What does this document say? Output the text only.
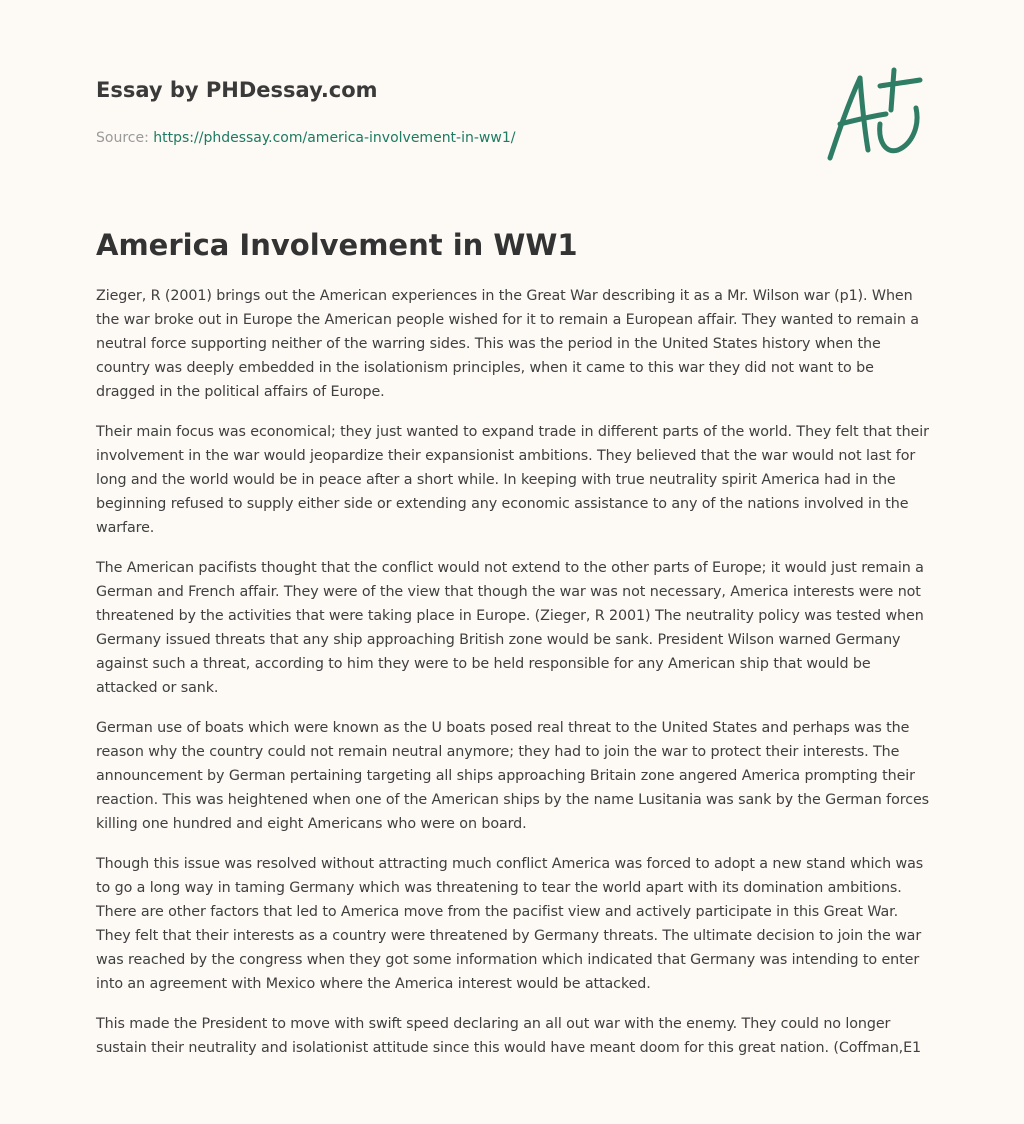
Essay by PHDessay.com
Source: https://phdessay.com/america-involvement-in-ww1/
America Involvement in WW1

Zieger, R (2001) brings out the American experiences in the Great War describing it as a Mr. Wilson war (p1). When the war broke out in Europe the American people wished for it to remain a European affair. They wanted to remain a neutral force supporting neither of the warring sides. This was the period in the United States history when the country was deeply embedded in the isolationism principles, when it came to this war they did not want to be dragged in the political affairs of Europe.

Their main focus was economical; they just wanted to expand trade in different parts of the world. They felt that their involvement in the war would jeopardize their expansionist ambitions. They believed that the war would not last for long and the world would be in peace after a short while. In keeping with true neutrality spirit America had in the beginning refused to supply either side or extending any economic assistance to any of the nations involved in the warfare.

The American pacifists thought that the conflict would not extend to the other parts of Europe; it would just remain a German and French affair. They were of the view that though the war was not necessary, America interests were not threatened by the activities that were taking place in Europe. (Zieger, R 2001) The neutrality policy was tested when Germany issued threats that any ship approaching British zone would be sank. President Wilson warned Germany against such a threat, according to him they were to be held responsible for any American ship that would be attacked or sank.

German use of boats which were known as the U boats posed real threat to the United States and perhaps was the reason why the country could not remain neutral anymore; they had to join the war to protect their interests. The announcement by German pertaining targeting all ships approaching Britain zone angered America prompting their reaction. This was heightened when one of the American ships by the name Lusitania was sank by the German forces killing one hundred and eight Americans who were on board.

Though this issue was resolved without attracting much conflict America was forced to adopt a new stand which was to go a long way in taming Germany which was threatening to tear the world apart with its domination ambitions. There are other factors that led to America move from the pacifist view and actively participate in this Great War. They felt that their interests as a country were threatened by Germany threats. The ultimate decision to join the war was reached by the congress when they got some information which indicated that Germany was intending to enter into an agreement with Mexico where the America interest would be attacked.

This made the President to move with swift speed declaring an all out war with the enemy. They could no longer sustain their neutrality and isolationist attitude since this would have meant doom for this great nation. (Coffman,E1
